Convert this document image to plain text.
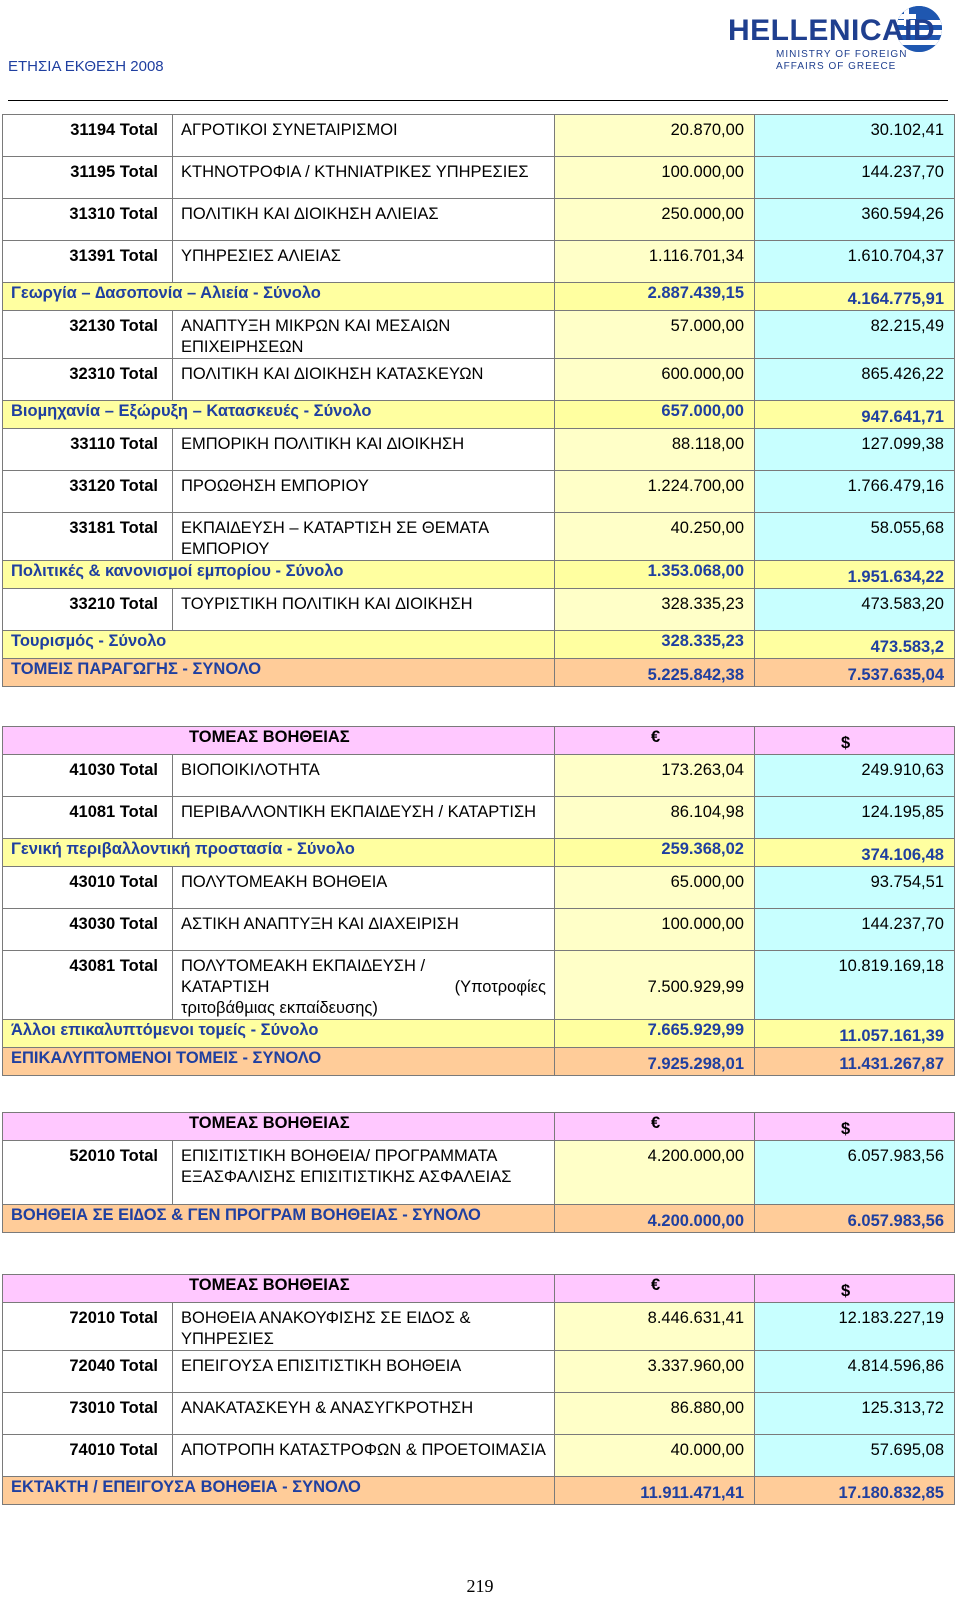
ΕΤΗΣΙΑ ΕΚΘΕΣΗ 2008
HELLENICAID
MINISTRY OF FOREIGN
AFFAIRS OF GREECE
31194 Total	ΑΓΡΟΤΙΚΟΙ ΣΥΝΕΤΑΙΡΙΣΜΟΙ	20.870,00	30.102,41
31195 Total	ΚΤΗΝΟΤΡΟΦΙΑ / ΚΤΗΝΙΑΤΡΙΚΕΣ ΥΠΗΡΕΣΙΕΣ	100.000,00	144.237,70
31310 Total	ΠΟΛΙΤΙΚΗ ΚΑΙ ∆ΙΟΙΚΗΣΗ ΑΛΙΕΙΑΣ	250.000,00	360.594,26
31391 Total	ΥΠΗΡΕΣΙΕΣ ΑΛΙΕΙΑΣ	1.116.701,34	1.610.704,37
Γεωργία – ∆ασοπονία – Αλιεία - Σύνολο		2.887.439,15	4.164.775,91

32130 Total	ΑΝΑΠΤΥΞΗ ΜΙΚΡΩΝ ΚΑΙ ΜΕΣΑΙΩΝ ΕΠΙΧΕΙΡΗΣΕΩΝ	57.000,00	82.215,49
32310 Total	ΠΟΛΙΤΙΚΗ ΚΑΙ ∆ΙΟΙΚΗΣΗ ΚΑΤΑΣΚΕΥΩΝ	600.000,00	865.426,22
Βιοµηχανία – Εξώρυξη – Κατασκευές - Σύνολο		657.000,00	947.641,71

33110 Total	ΕΜΠΟΡΙΚΗ ΠΟΛΙΤΙΚΗ ΚΑΙ ∆ΙΟΙΚΗΣΗ	88.118,00	127.099,38
33120 Total	ΠΡΟΩΘΗΣΗ ΕΜΠΟΡΙΟΥ	1.224.700,00	1.766.479,16
33181 Total	ΕΚΠΑΙ∆ΕΥΣΗ – ΚΑΤΑΡΤΙΣΗ ΣΕ ΘΕΜΑΤΑ ΕΜΠΟΡΙΟΥ	40.250,00	58.055,68
Πολιτικές & κανονισµοί εµπορίου - Σύνολο		1.353.068,00	1.951.634,22

33210 Total	ΤΟΥΡΙΣΤΙΚΗ ΠΟΛΙΤΙΚΗ ΚΑΙ ∆ΙΟΙΚΗΣΗ	328.335,23	473.583,20
Τουρισµός - Σύνολο		328.335,23	473.583,2

ΤΟΜΕΙΣ ΠΑΡΑΓΩΓΗΣ - ΣΥΝΟΛΟ		5.225.842,38	7.537.635,04
ΤΟΜΕΑΣ ΒΟΗΘΕΙΑΣ		€	$
41030 Total	ΒΙΟΠΟΙΚΙΛΟΤΗΤΑ	173.263,04	249.910,63
41081 Total	ΠΕΡΙΒΑΛΛΟΝΤΙΚΗ ΕΚΠΑΙ∆ΕΥΣΗ / ΚΑΤΑΡΤΙΣΗ	86.104,98	124.195,85
Γενική περιβαλλοντική προστασία - Σύνολο		259.368,02	374.106,48

43010 Total	ΠΟΛΥΤΟΜΕΑΚΗ ΒΟΗΘΕΙΑ	65.000,00	93.754,51
43030 Total	ΑΣΤΙΚΗ ΑΝΑΠΤΥΞΗ ΚΑΙ ∆ΙΑΧΕΙΡΙΣΗ	100.000,00	144.237,70
43081 Total	ΠΟΛΥΤΟΜΕΑΚΗ ΕΚΠΑΙ∆ΕΥΣΗ /
ΚΑΤΑΡΤΙΣΗ (Υποτροφίες
τριτοβάθµιας εκπαίδευσης)	7.500.929,99	10.819.169,18
Άλλοι επικαλυπτόµενοι τοµείς - Σύνολο		7.665.929,99	11.057.161,39

ΕΠΙΚΑΛΥΠΤΟΜΕΝΟΙ ΤΟΜΕΙΣ - ΣΥΝΟΛΟ		7.925.298,01	11.431.267,87
ΤΟΜΕΑΣ ΒΟΗΘΕΙΑΣ		€	$
52010 Total	ΕΠΙΣΙΤΙΣΤΙΚΗ ΒΟΗΘΕΙΑ/ ΠΡΟΓΡΑΜΜΑΤΑ ΕΞΑΣΦΑΛΙΣΗΣ ΕΠΙΣΙΤΙΣΤΙΚΗΣ ΑΣΦΑΛΕΙΑΣ	4.200.000,00	6.057.983,56
ΒΟΗΘΕΙΑ ΣΕ ΕΙ∆ΟΣ & ΓΕΝ ΠΡΟΓΡΑΜ ΒΟΗΘΕΙΑΣ - ΣΥΝΟΛΟ		4.200.000,00	6.057.983,56
ΤΟΜΕΑΣ ΒΟΗΘΕΙΑΣ		€	$
72010 Total	ΒΟΗΘΕΙΑ ΑΝΑΚΟΥΦΙΣΗΣ ΣΕ ΕΙ∆ΟΣ & ΥΠΗΡΕΣΙΕΣ	8.446.631,41	12.183.227,19
72040 Total	ΕΠΕΙΓΟΥΣΑ ΕΠΙΣΙΤΙΣΤΙΚΗ ΒΟΗΘΕΙΑ	3.337.960,00	4.814.596,86
73010 Total	ΑΝΑΚΑΤΑΣΚΕΥΗ & ΑΝΑΣΥΓΚΡΟΤΗΣΗ	86.880,00	125.313,72
74010 Total	ΑΠΟΤΡΟΠΗ ΚΑΤΑΣΤΡΟΦΩΝ & ΠΡΟΕΤΟΙΜΑΣΙΑ	40.000,00	57.695,08
ΕΚΤΑΚΤΗ / ΕΠΕΙΓΟΥΣΑ ΒΟΗΘΕΙΑ - ΣΥΝΟΛΟ		11.911.471,41	17.180.832,85
219
